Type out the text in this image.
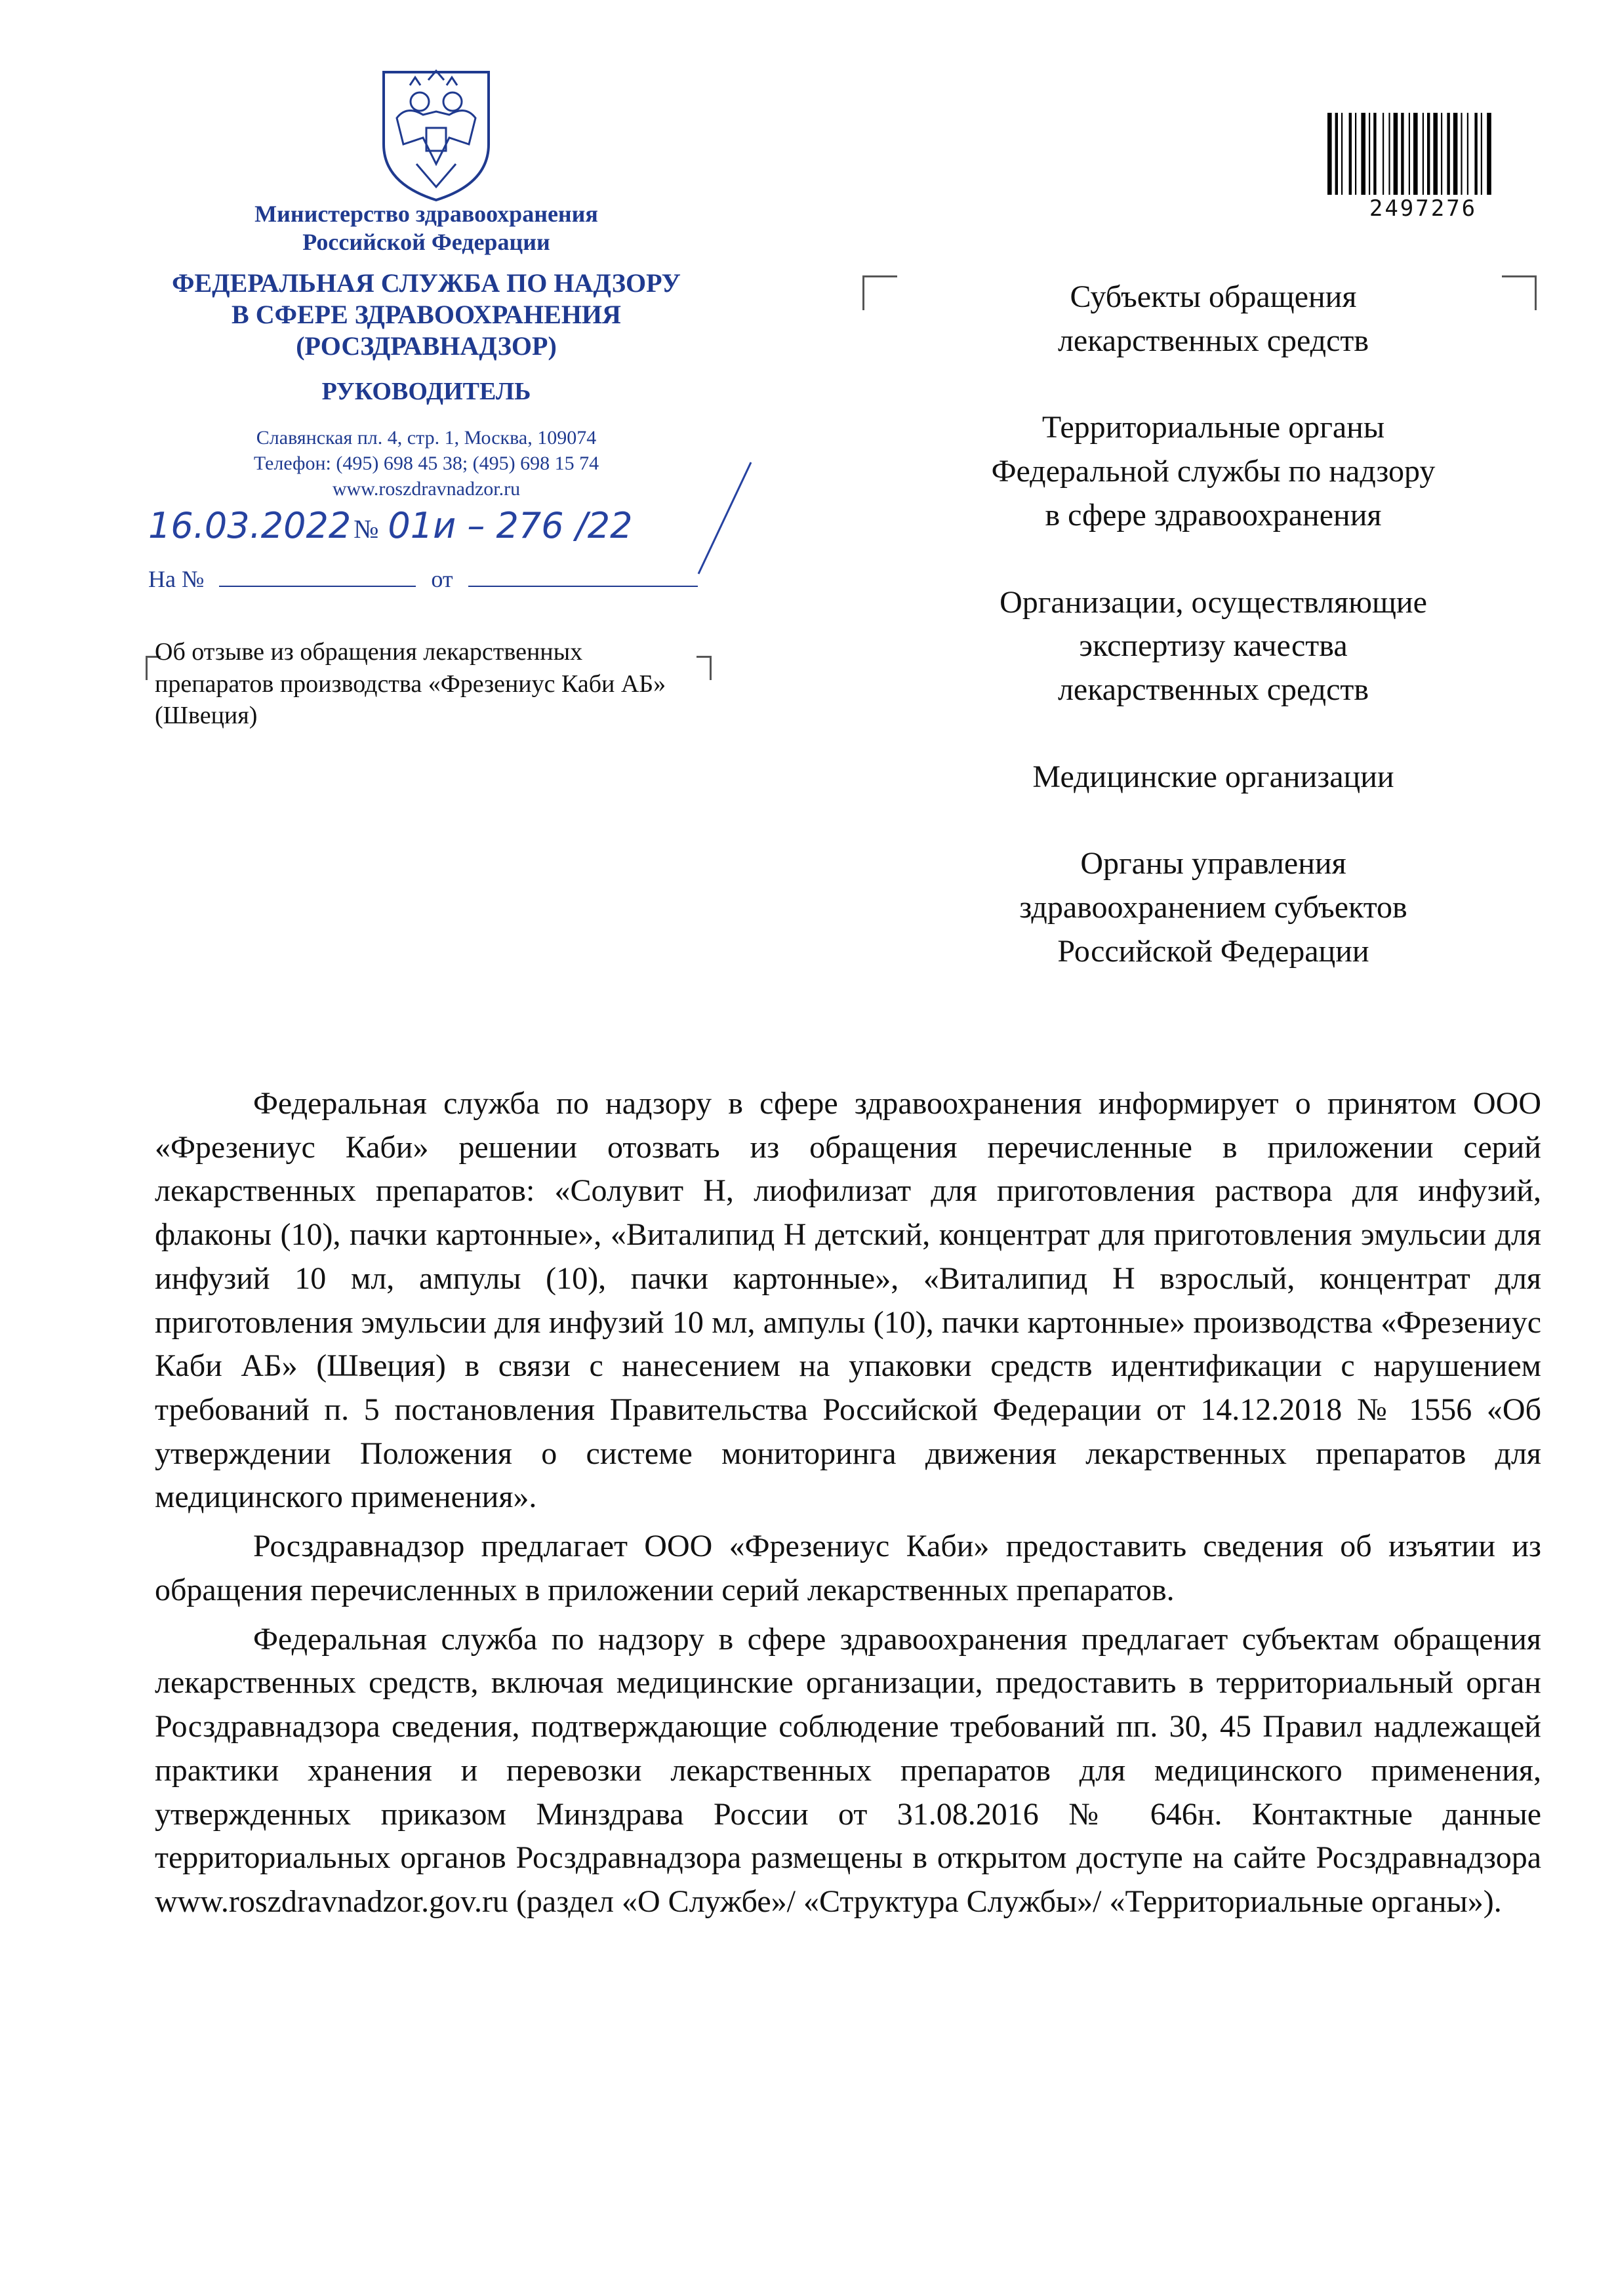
Министерство здравоохранения
Российской Федерации
ФЕДЕРАЛЬНАЯ СЛУЖБА ПО НАДЗОРУ
В СФЕРЕ ЗДРАВООХРАНЕНИЯ
(РОСЗДРАВНАДЗОР)
РУКОВОДИТЕЛЬ
Славянская пл. 4, стр. 1, Москва, 109074
Телефон: (495) 698 45 38; (495) 698 15 74
www.roszdravnadzor.ru
16.03.2022 № 01и – 276 /22
На №	от
Об отзыве из обращения лекарственных
препаратов производства «Фрезениус Каби АБ»
(Швеция)
2497276

Субъекты обращения
лекарственных средств

Территориальные органы
Федеральной службы по надзору
в сфере здравоохранения

Организации, осуществляющие
экспертизу качества
лекарственных средств

Медицинские организации

Органы управления
здравоохранением субъектов
Российской Федерации

Федеральная служба по надзору в сфере здравоохранения информирует о принятом ООО «Фрезениус Каби» решении отозвать из обращения перечисленные в приложении серий лекарственных препаратов: «Солувит Н, лиофилизат для приготовления раствора для инфузий, флаконы (10), пачки картонные», «Виталипид Н детский, концентрат для приготовления эмульсии для инфузий 10 мл, ампулы (10), пачки картонные», «Виталипид Н взрослый, концентрат для приготовления эмульсии для инфузий 10 мл, ампулы (10), пачки картонные» производства «Фрезениус Каби АБ» (Швеция) в связи с нанесением на упаковки средств идентификации с нарушением требований п. 5 постановления Правительства Российской Федерации от 14.12.2018 № 1556 «Об утверждении Положения о системе мониторинга движения лекарственных препаратов для медицинского применения».

Росздравнадзор предлагает ООО «Фрезениус Каби» предоставить сведения об изъятии из обращения перечисленных в приложении серий лекарственных препаратов.

Федеральная служба по надзору в сфере здравоохранения предлагает субъектам обращения лекарственных средств, включая медицинские организации, предоставить в территориальный орган Росздравнадзора сведения, подтверждающие соблюдение требований пп. 30, 45 Правил надлежащей практики хранения и перевозки лекарственных препаратов для медицинского применения, утвержденных приказом Минздрава России от 31.08.2016 № 646н. Контактные данные территориальных органов Росздравнадзора размещены в открытом доступе на сайте Росздравнадзора www.roszdravnadzor.gov.ru (раздел «О Службе»/ «Структура Службы»/ «Территориальные органы»).
